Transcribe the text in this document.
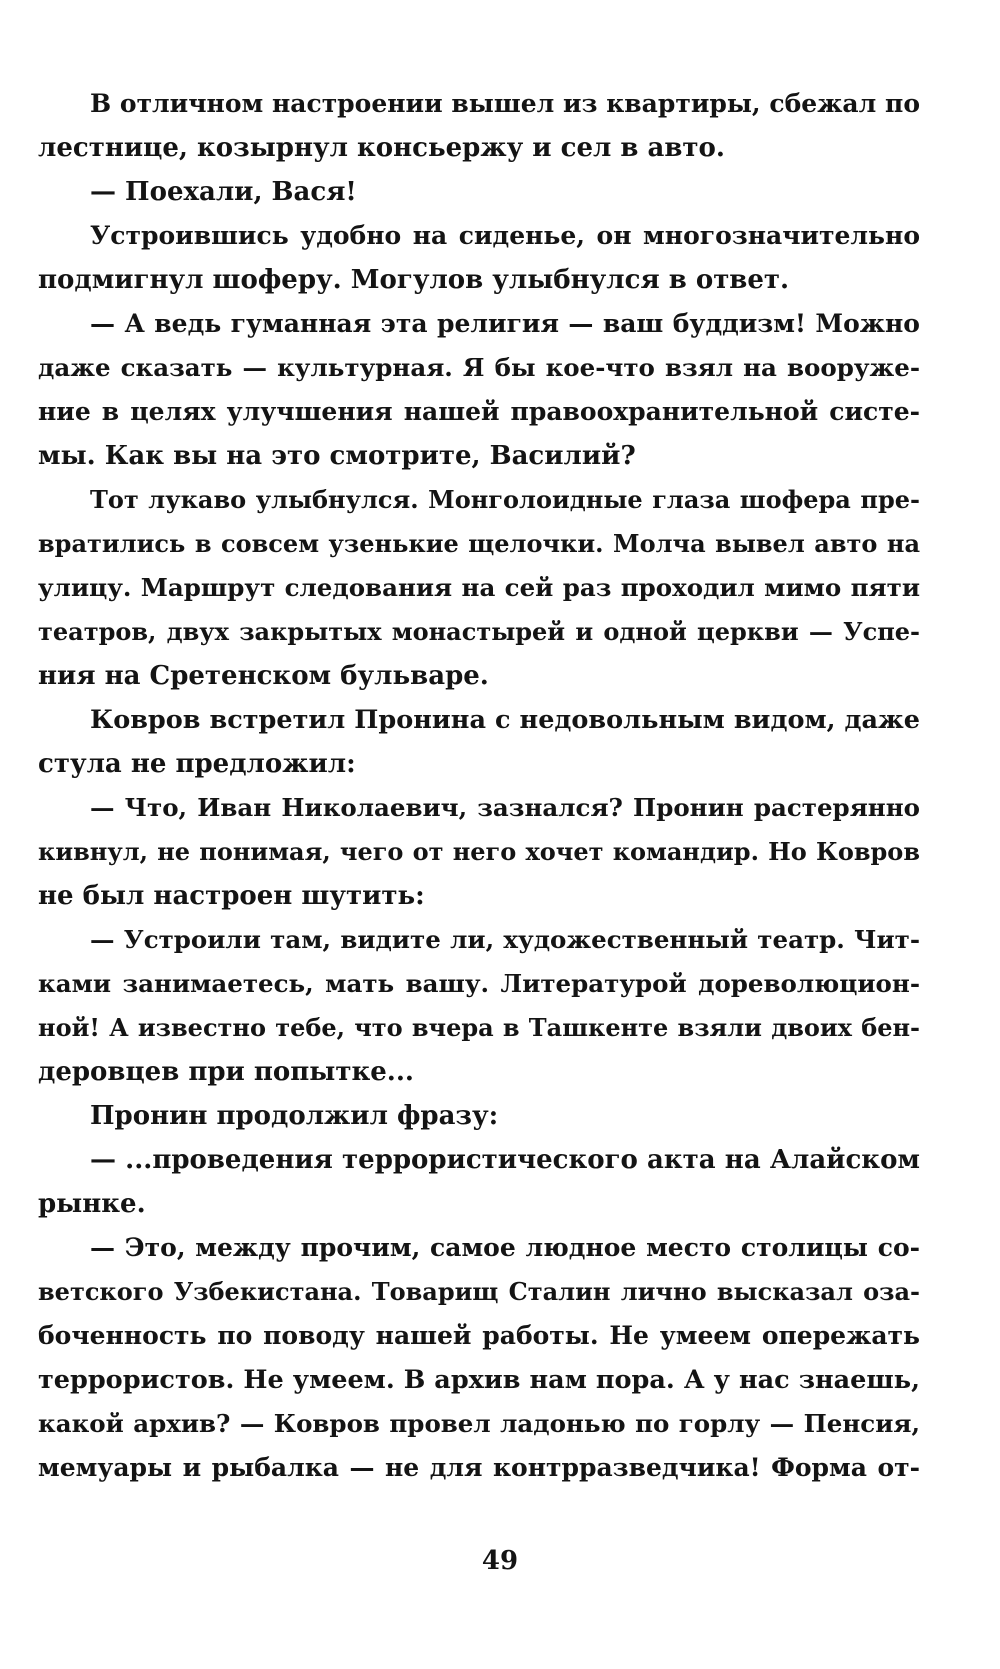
В отличном настроении вышел из квартиры, сбежал по
лестнице, козырнул консьержу и сел в авто.
— Поехали, Вася!
Устроившись удобно на сиденье, он многозначительно
подмигнул шоферу. Могулов улыбнулся в ответ.
— А ведь гуманная эта религия — ваш буддизм! Можно
даже сказать — культурная. Я бы кое-что взял на вооруже-
ние в целях улучшения нашей правоохранительной систе-
мы. Как вы на это смотрите, Василий?
Тот лукаво улыбнулся. Монголоидные глаза шофера пре-
вратились в совсем узенькие щелочки. Молча вывел авто на
улицу. Маршрут следования на сей раз проходил мимо пяти
театров, двух закрытых монастырей и одной церкви — Успе-
ния на Сретенском бульваре.
Ковров встретил Пронина с недовольным видом, даже
стула не предложил:
— Что, Иван Николаевич, зазнался? Пронин растерянно
кивнул, не понимая, чего от него хочет командир. Но Ковров
не был настроен шутить:
— Устроили там, видите ли, художественный театр. Чит-
ками занимаетесь, мать вашу. Литературой дореволюцион-
ной! А известно тебе, что вчера в Ташкенте взяли двоих бен-
деровцев при попытке...
Пронин продолжил фразу:
— ...проведения террористического акта на Алайском
рынке.
— Это, между прочим, самое людное место столицы со-
ветского Узбекистана. Товарищ Сталин лично высказал оза-
боченность по поводу нашей работы. Не умеем опережать
террористов. Не умеем. В архив нам пора. А у нас знаешь,
какой архив? — Ковров провел ладонью по горлу — Пенсия,
мемуары и рыбалка — не для контрразведчика! Форма от-
49
